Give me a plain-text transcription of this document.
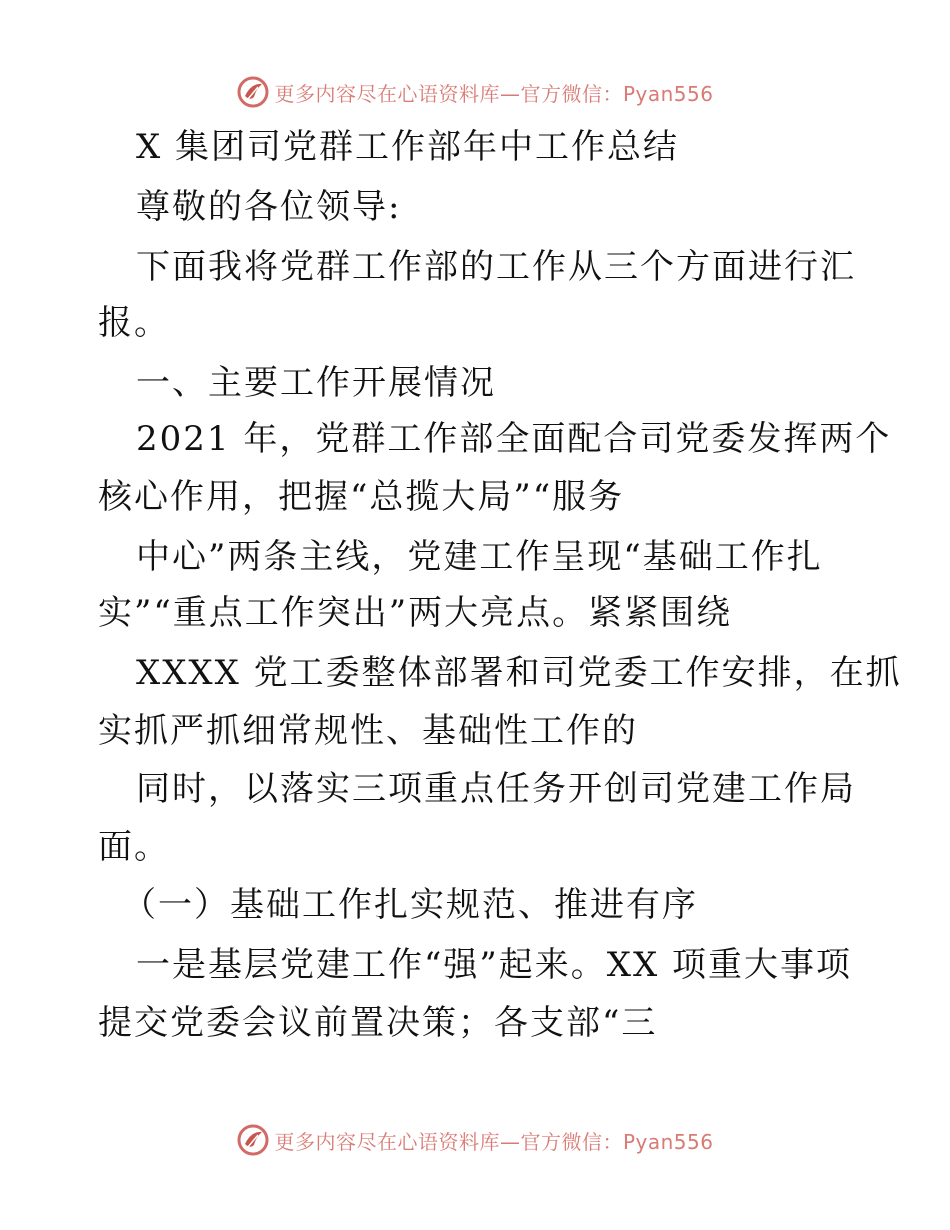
更多内容尽在心语资料库—官方微信：Pyan556
X 集团司党群工作部年中工作总结
尊敬的各位领导:
下面我将党群工作部的工作从三个方面进行汇
报。
一、主要工作开展情况
2021 年，党群工作部全面配合司党委发挥两个
核心作用，把握“总揽大局”“服务
中心”两条主线，党建工作呈现“基础工作扎
实”“重点工作突出”两大亮点。紧紧围绕
XXXX 党工委整体部署和司党委工作安排，在抓
实抓严抓细常规性、基础性工作的
同时，以落实三项重点任务开创司党建工作局
面。
（一）基础工作扎实规范、推进有序
一是基层党建工作“强”起来。XX 项重大事项
提交党委会议前置决策；各支部“三
更多内容尽在心语资料库—官方微信：Pyan556
